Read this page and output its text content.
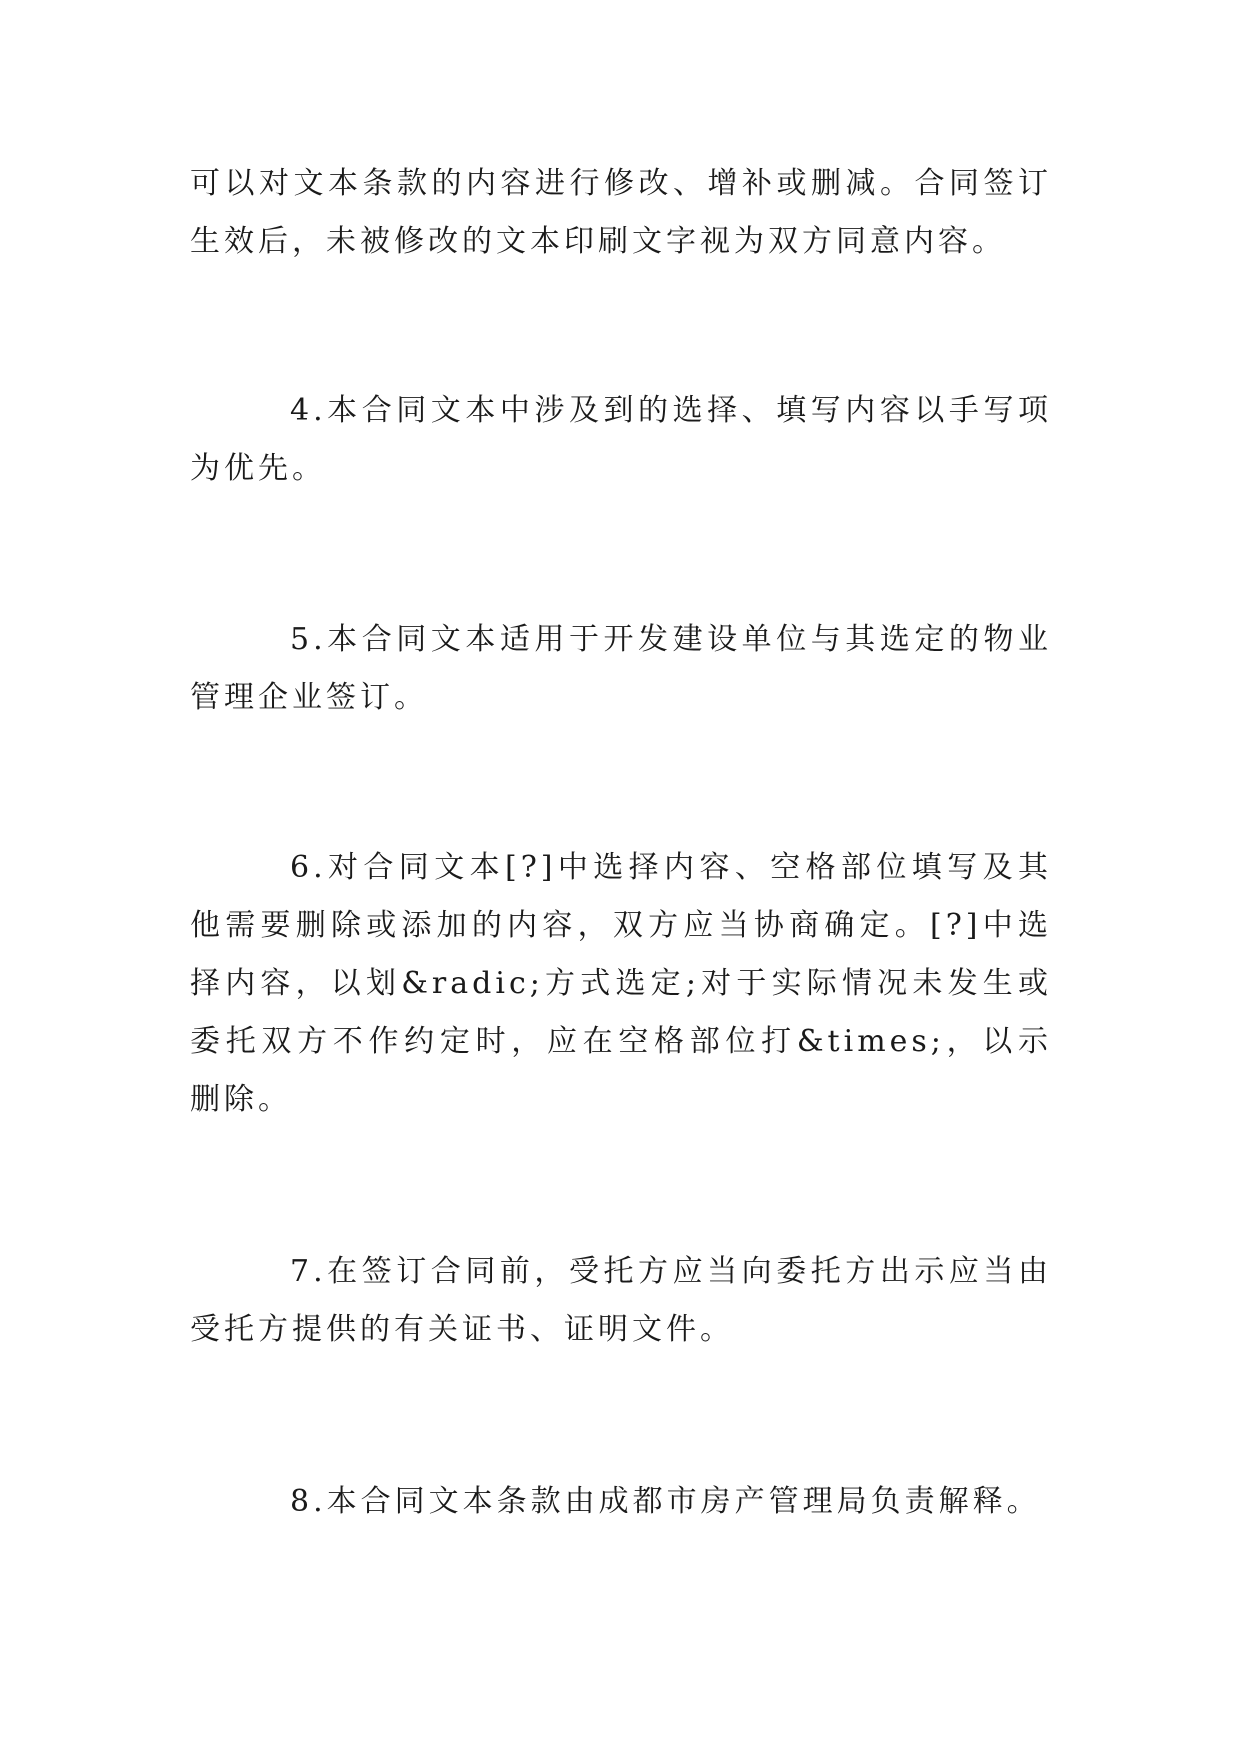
可以对文本条款的内容进行修改、增补或删减。合同签订生效后，未被修改的文本印刷文字视为双方同意内容。

4.本合同文本中涉及到的选择、填写内容以手写项为优先。

5.本合同文本适用于开发建设单位与其选定的物业管理企业签订。

6.对合同文本[?]中选择内容、空格部位填写及其他需要删除或添加的内容，双方应当协商确定。[?]中选择内容，以划&radic;方式选定;对于实际情况未发生或委托双方不作约定时，应在空格部位打&times;，以示删除。

7.在签订合同前，受托方应当向委托方出示应当由受托方提供的有关证书、证明文件。

8.本合同文本条款由成都市房产管理局负责解释。
